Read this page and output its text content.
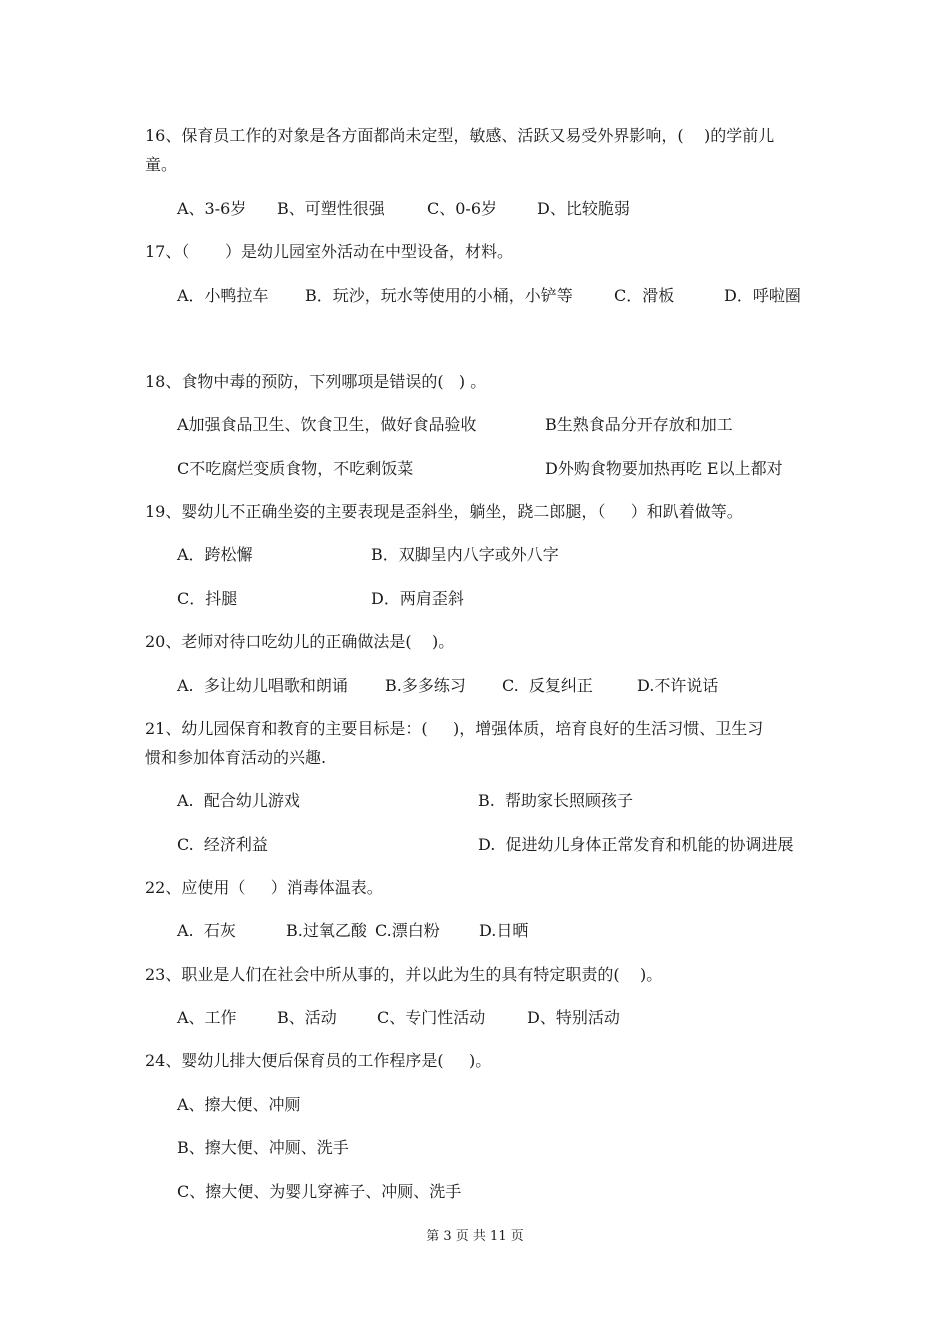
16、保育员工作的对象是各方面都尚未定型，敏感、活跃又易受外界影响，(    )的学前儿
童。
A、3-6岁 B、可塑性很强	C、0-6岁 D、比较脆弱
17、（       ）是幼儿园室外活动在中型设备，材料。
A．小鸭拉车 B．玩沙，玩水等使用的小桶，小铲等	C．滑板	D．呼啦圈
18、食物中毒的预防，下列哪项是错误的(   ) 。
A加强食品卫生、饮食卫生，做好食品验收	B生熟食品分开存放和加工
C不吃腐烂变质食物，不吃剩饭菜	D外购食物要加热再吃 E以上都对
19、婴幼儿不正确坐姿的主要表现是歪斜坐，躺坐，跷二郎腿，（     ）和趴着做等。
A．跨松懈	B．双脚呈内八字或外八字
C．抖腿	D．两肩歪斜
20、老师对待口吃幼儿的正确做法是(    )。
A.  多让幼儿唱歌和朗诵 B.多多练习 C.  反复纠正	D.不许说话
21、幼儿园保育和教育的主要目标是：(     )，增强体质，培育良好的生活习惯、卫生习
惯和参加体育活动的兴趣.
A.  配合幼儿游戏	B.  帮助家长照顾孩子
C.  经济利益	D.  促进幼儿身体正常发育和机能的协调进展
22、应使用（     ）消毒体温表。
A.  石灰	B.过氧乙酸 C.漂白粉 D.日晒
23、职业是人们在社会中所从事的，并以此为生的具有特定职责的(    )。
A、工作	B、活动	C、专门性活动	D、特别活动
24、婴幼儿排大便后保育员的工作程序是(     )。
A、擦大便、冲厕
B、擦大便、冲厕、洗手
C、擦大便、为婴儿穿裤子、冲厕、洗手
第 3 页 共 11 页
